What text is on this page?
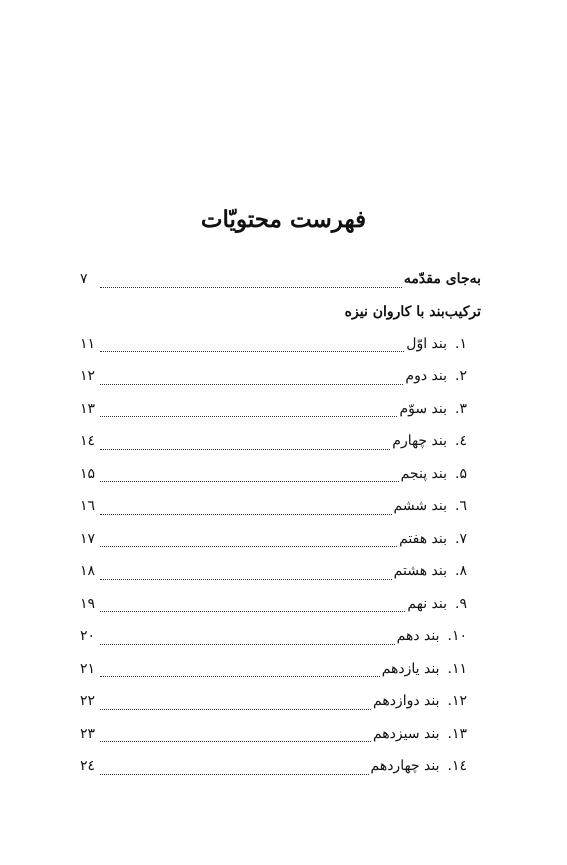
فهرست محتویّات
به‌جای مقدّمه
۷
ترکیب‌بند با کاروان نیزه
۱.بند اوّل
۱۱
۲.بند دوم
۱۲
۳.بند سوّم
۱۳
٤.بند چهارم
۱٤
۵.بند پنجم
۱۵
٦.بند ششم
۱٦
۷.بند هفتم
۱۷
۸.بند هشتم
۱۸
۹.بند نهم
۱۹
۱۰.بند دهم
۲۰
۱۱.بند یازدهم
۲۱
۱۲.بند دوازدهم
۲۲
۱۳.بند سیزدهم
۲۳
۱٤.بند چهاردهم
۲٤
